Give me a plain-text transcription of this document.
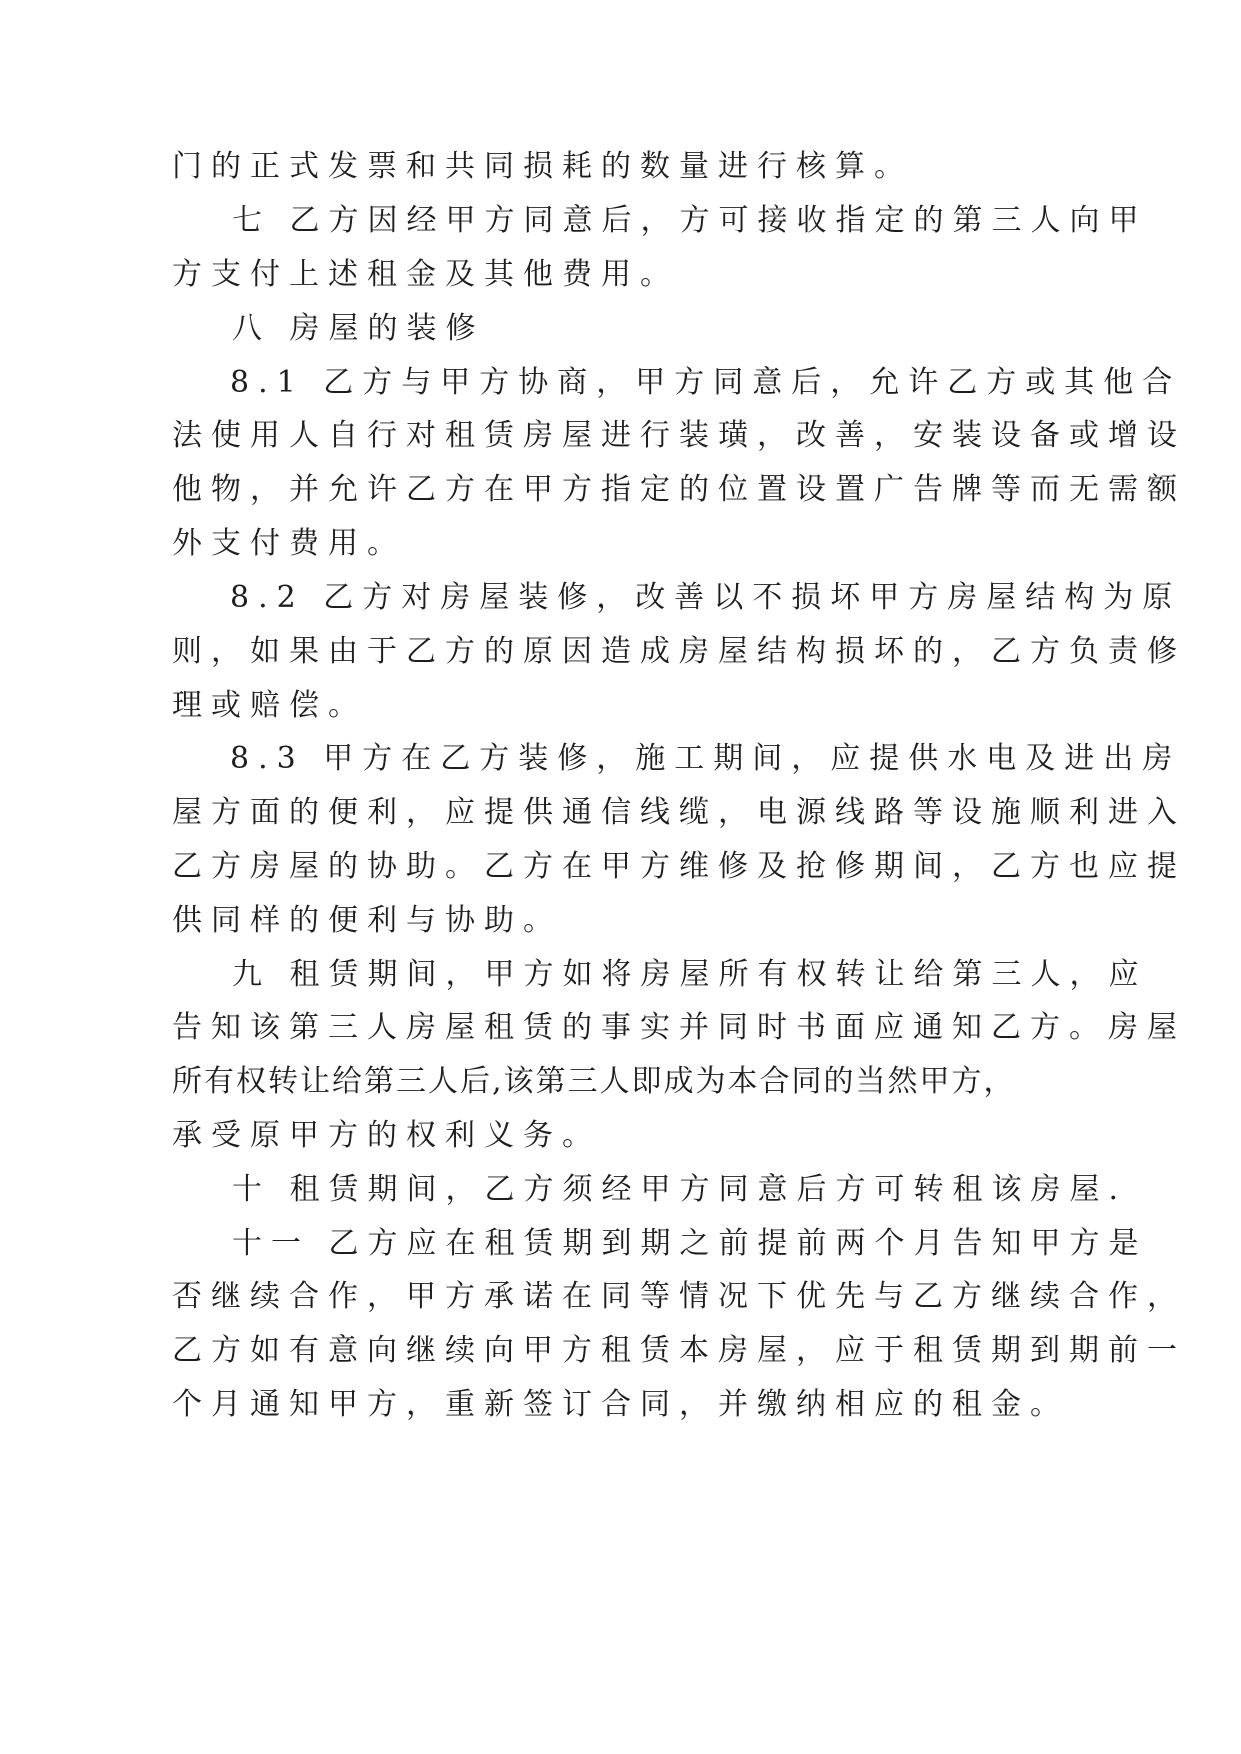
门的正式发票和共同损耗的数量进行核算。

七 乙方因经甲方同意后，方可接收指定的第三人向甲

方支付上述租金及其他费用。

八 房屋的装修

8.1 乙方与甲方协商，甲方同意后，允许乙方或其他合

法使用人自行对租赁房屋进行装璜，改善，安装设备或增设

他物，并允许乙方在甲方指定的位置设置广告牌等而无需额

外支付费用。

8.2 乙方对房屋装修，改善以不损坏甲方房屋结构为原

则，如果由于乙方的原因造成房屋结构损坏的，乙方负责修

理或赔偿。

8.3 甲方在乙方装修，施工期间，应提供水电及进出房

屋方面的便利，应提供通信线缆，电源线路等设施顺利进入

乙方房屋的协助。乙方在甲方维修及抢修期间，乙方也应提

供同样的便利与协助。

九 租赁期间，甲方如将房屋所有权转让给第三人，应

告知该第三人房屋租赁的事实并同时书面应通知乙方。房屋

所有权转让给第三人后,该第三人即成为本合同的当然甲方，

承受原甲方的权利义务。

十 租赁期间，乙方须经甲方同意后方可转租该房屋.

十一 乙方应在租赁期到期之前提前两个月告知甲方是

否继续合作，甲方承诺在同等情况下优先与乙方继续合作，

乙方如有意向继续向甲方租赁本房屋，应于租赁期到期前一

个月通知甲方，重新签订合同，并缴纳相应的租金。
